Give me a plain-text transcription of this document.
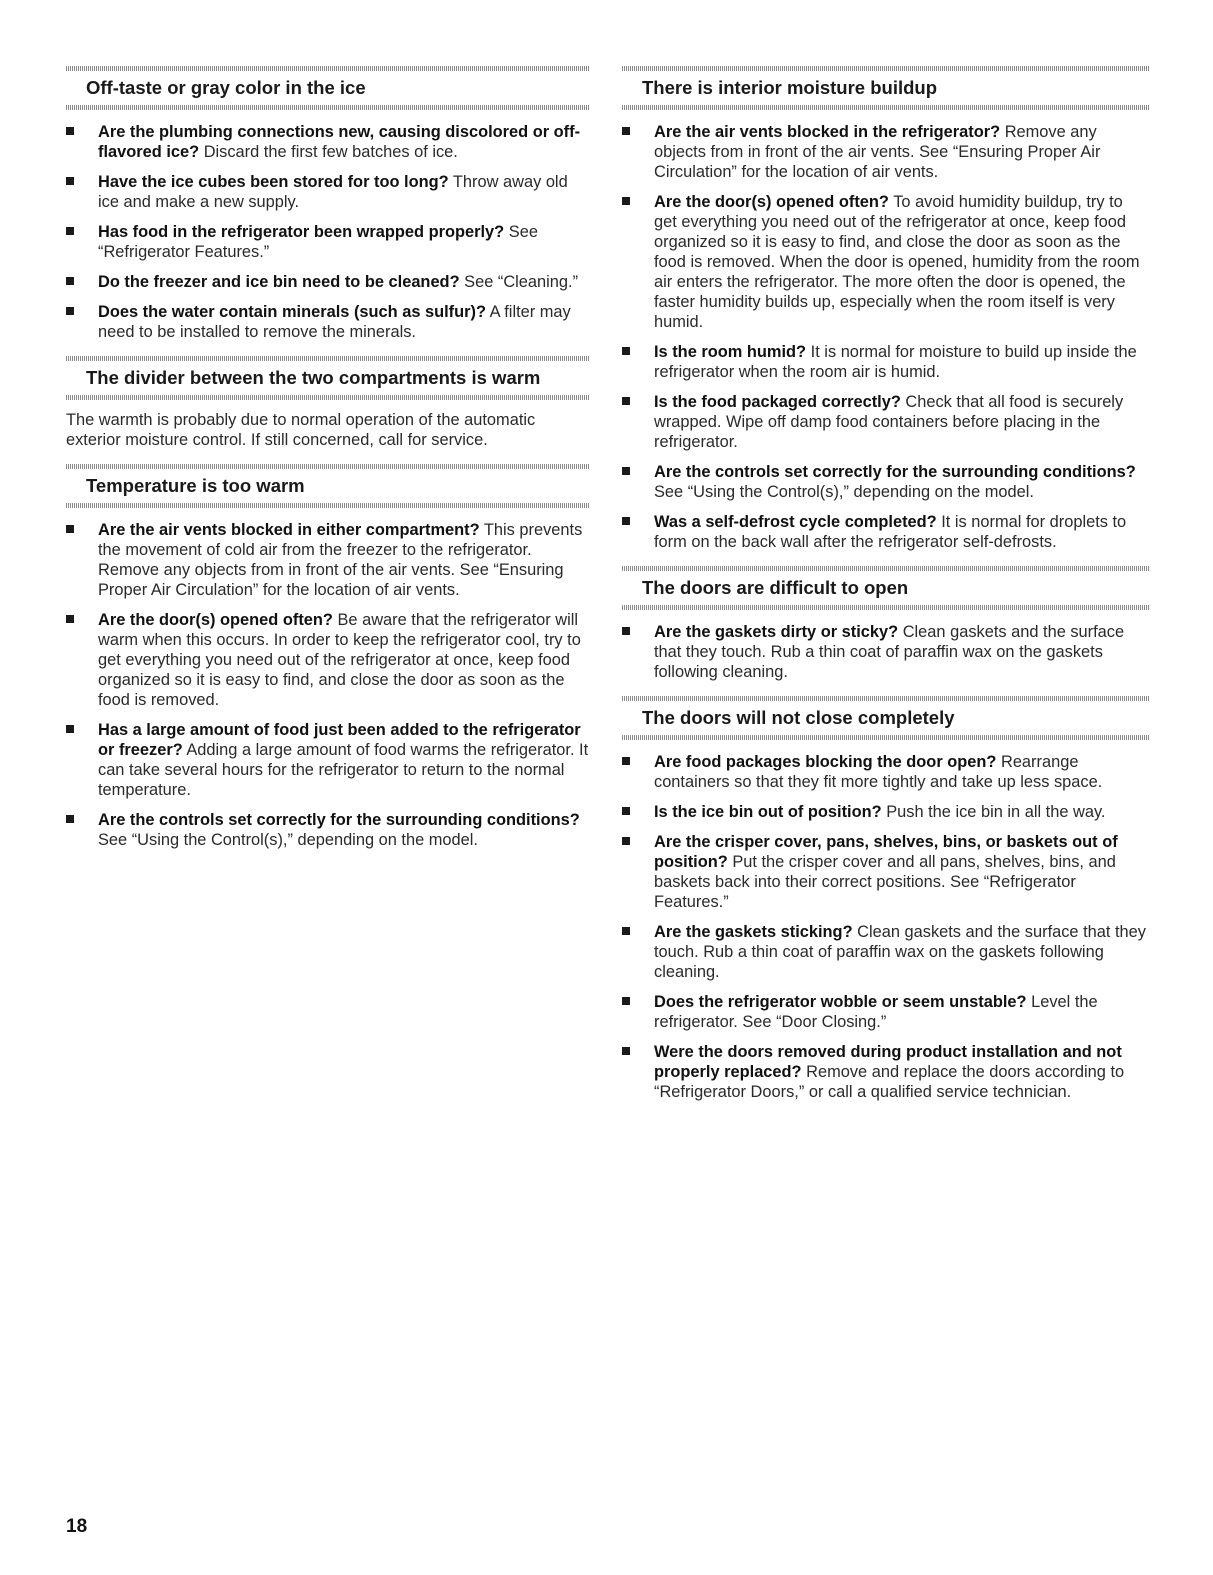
Off-taste or gray color in the ice
Are the plumbing connections new, causing discolored or off-flavored ice? Discard the first few batches of ice.
Have the ice cubes been stored for too long? Throw away old ice and make a new supply.
Has food in the refrigerator been wrapped properly? See “Refrigerator Features.”
Do the freezer and ice bin need to be cleaned? See “Cleaning.”
Does the water contain minerals (such as sulfur)? A filter may need to be installed to remove the minerals.
The divider between the two compartments is warm

The warmth is probably due to normal operation of the automatic exterior moisture control. If still concerned, call for service.

Temperature is too warm
Are the air vents blocked in either compartment? This prevents the movement of cold air from the freezer to the refrigerator. Remove any objects from in front of the air vents. See “Ensuring Proper Air Circulation” for the location of air vents.
Are the door(s) opened often? Be aware that the refrigerator will warm when this occurs. In order to keep the refrigerator cool, try to get everything you need out of the refrigerator at once, keep food organized so it is easy to find, and close the door as soon as the food is removed.
Has a large amount of food just been added to the refrigerator or freezer? Adding a large amount of food warms the refrigerator. It can take several hours for the refrigerator to return to the normal temperature.
Are the controls set correctly for the surrounding conditions? See “Using the Control(s),” depending on the model.
There is interior moisture buildup
Are the air vents blocked in the refrigerator? Remove any objects from in front of the air vents. See “Ensuring Proper Air Circulation” for the location of air vents.
Are the door(s) opened often? To avoid humidity buildup, try to get everything you need out of the refrigerator at once, keep food organized so it is easy to find, and close the door as soon as the food is removed. When the door is opened, humidity from the room air enters the refrigerator. The more often the door is opened, the faster humidity builds up, especially when the room itself is very humid.
Is the room humid? It is normal for moisture to build up inside the refrigerator when the room air is humid.
Is the food packaged correctly? Check that all food is securely wrapped. Wipe off damp food containers before placing in the refrigerator.
Are the controls set correctly for the surrounding conditions? See “Using the Control(s),” depending on the model.
Was a self-defrost cycle completed? It is normal for droplets to form on the back wall after the refrigerator self-defrosts.
The doors are difficult to open
Are the gaskets dirty or sticky? Clean gaskets and the surface that they touch. Rub a thin coat of paraffin wax on the gaskets following cleaning.
The doors will not close completely
Are food packages blocking the door open? Rearrange containers so that they fit more tightly and take up less space.
Is the ice bin out of position? Push the ice bin in all the way.
Are the crisper cover, pans, shelves, bins, or baskets out of position? Put the crisper cover and all pans, shelves, bins, and baskets back into their correct positions. See “Refrigerator Features.”
Are the gaskets sticking? Clean gaskets and the surface that they touch. Rub a thin coat of paraffin wax on the gaskets following cleaning.
Does the refrigerator wobble or seem unstable? Level the refrigerator. See “Door Closing.”
Were the doors removed during product installation and not properly replaced? Remove and replace the doors according to “Refrigerator Doors,” or call a qualified service technician.
18
